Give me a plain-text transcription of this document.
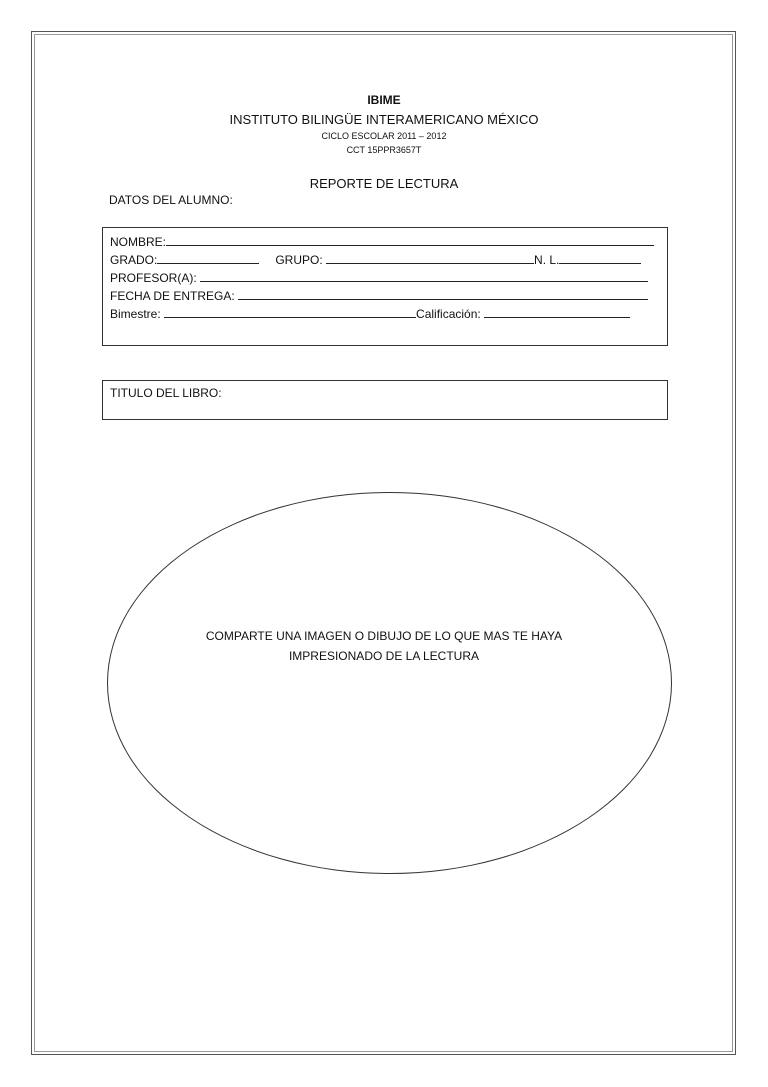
IBIME
INSTITUTO BILINGÜE INTERAMERICANO MÉXICO
CICLO ESCOLAR 2011 – 2012
CCT 15PPR3657T
REPORTE DE LECTURA
DATOS DEL ALUMNO:
NOMBRE:
GRADO:	GRUPO:	N. L.
PROFESOR(A):
FECHA DE ENTREGA:
Bimestre:	Calificación:
TITULO DEL LIBRO:
COMPARTE UNA IMAGEN O DIBUJO DE LO QUE MAS TE HAYA
IMPRESIONADO DE LA LECTURA
